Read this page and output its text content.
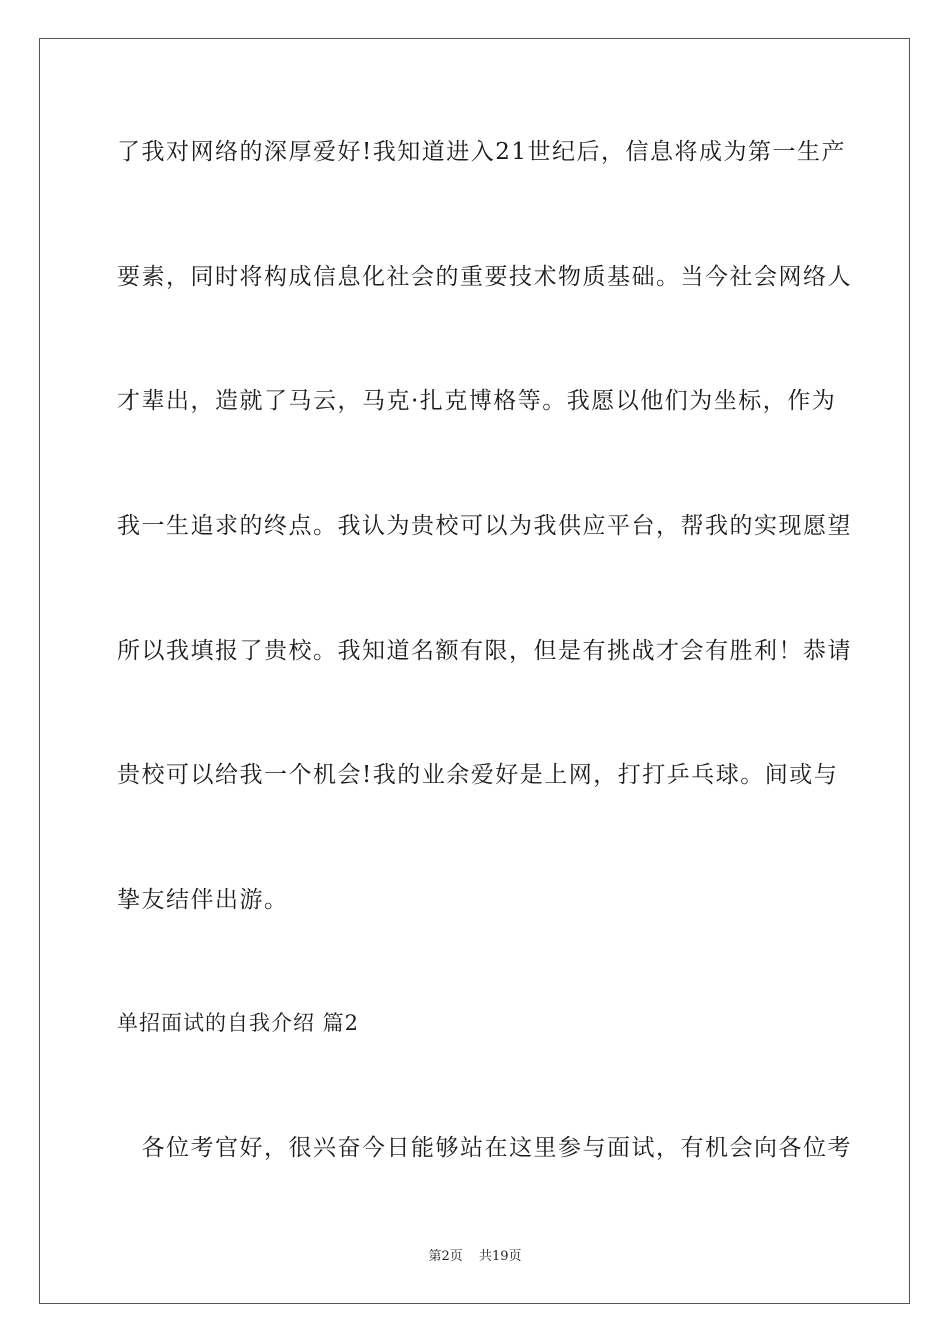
了我对网络的深厚爱好!我知道进入21世纪后，信息将成为第一生产
要素，同时将构成信息化社会的重要技术物质基础。当今社会网络人
才辈出，造就了马云，马克·扎克博格等。我愿以他们为坐标，作为
我一生追求的终点。我认为贵校可以为我供应平台，帮我的实现愿望
所以我填报了贵校。我知道名额有限，但是有挑战才会有胜利！恭请
贵校可以给我一个机会!我的业余爱好是上网，打打乒乓球。间或与
挚友结伴出游。
单招面试的自我介绍 篇2
　各位考官好，很兴奋今日能够站在这里参与面试，有机会向各位考
第2页 共19页
